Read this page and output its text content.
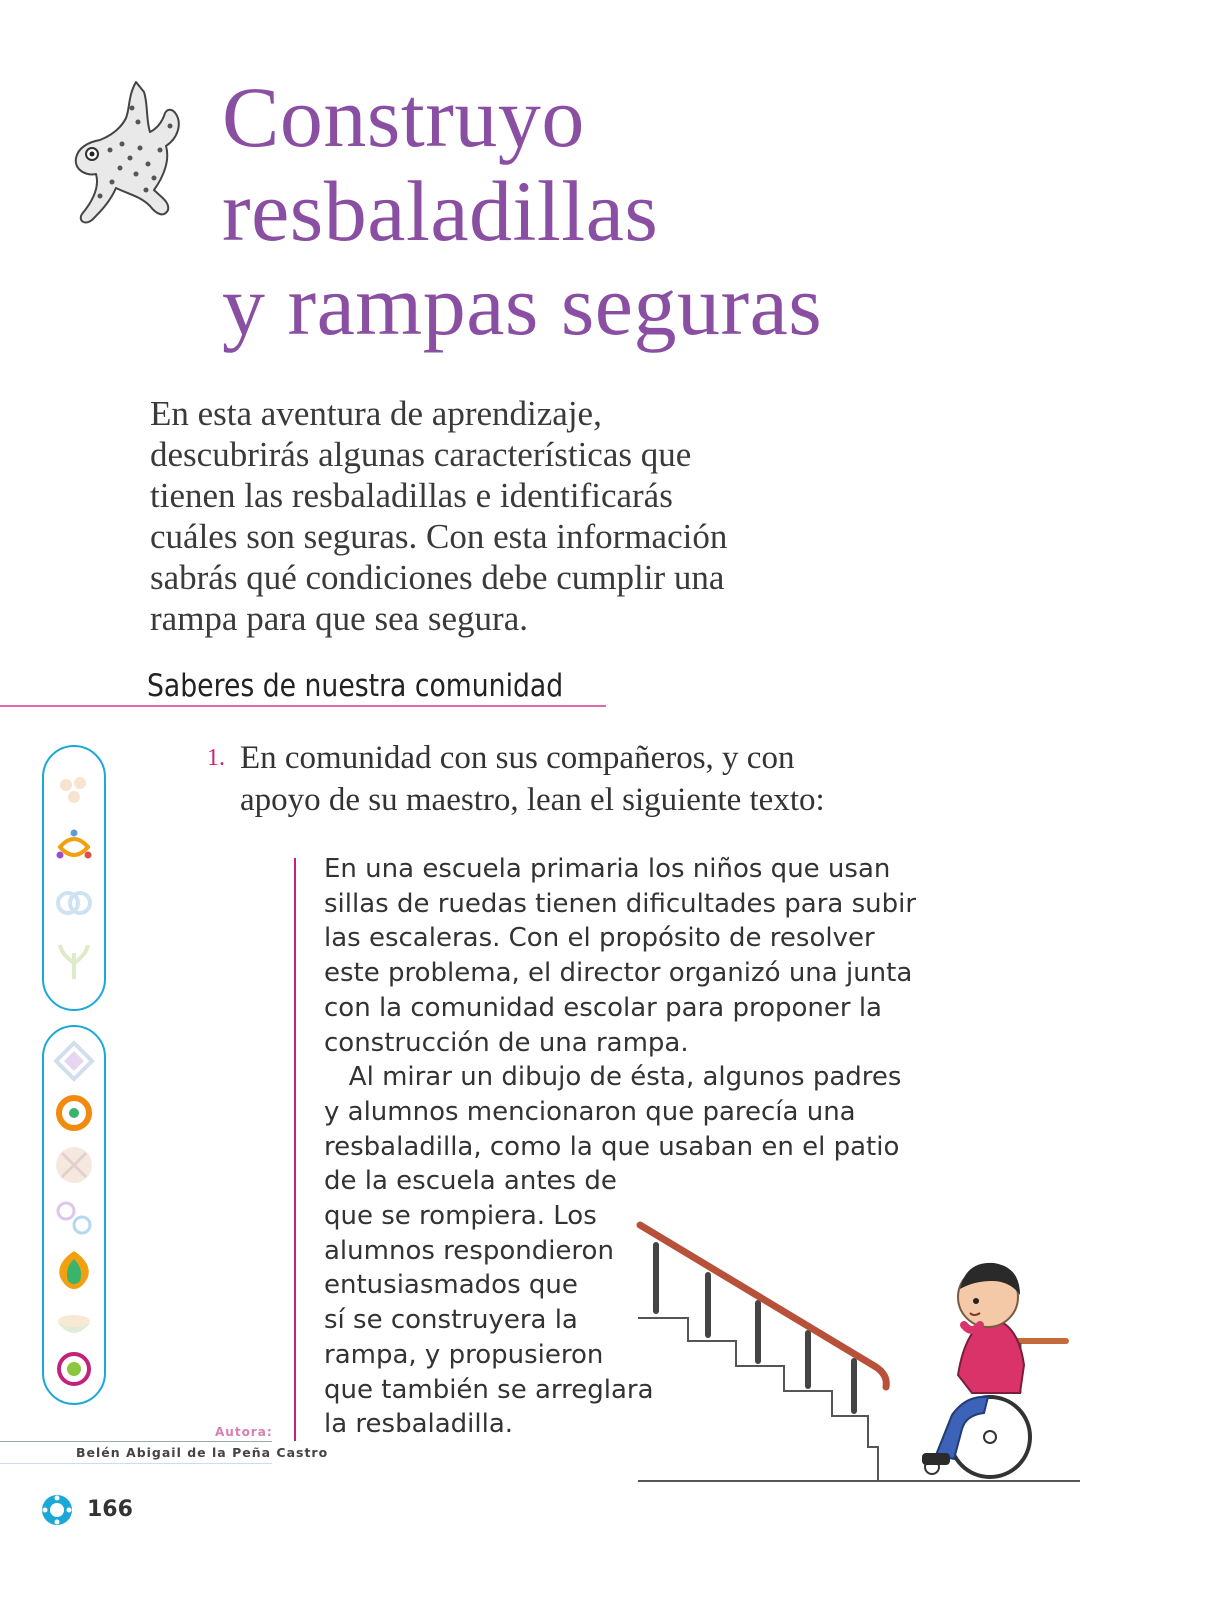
Construyo
resbaladillas
y rampas seguras

En esta aventura de aprendizaje,
descubrirás algunas características que
tienen las resbaladillas e identificarás
cuáles son seguras. Con esta información
sabrás qué condiciones debe cumplir una
rampa para que sea segura.

Saberes de nuestra comunidad
1. En comunidad con sus compañeros, y con
apoyo de su maestro, lean el siguiente texto:

En una escuela primaria los niños que usan
sillas de ruedas tienen dificultades para subir
las escaleras. Con el propósito de resolver
este problema, el director organizó una junta
con la comunidad escolar para proponer la
construcción de una rampa.
Al mirar un dibujo de ésta, algunos padres
y alumnos mencionaron que parecía una
resbaladilla, como la que usaban en el patio
de la escuela antes de
que se rompiera. Los
alumnos respondieron
entusiasmados que
sí se construyera la
rampa, y propusieron
que también se arreglara
la resbaladilla.

Autora:
Belén Abigail de la Peña Castro
166
